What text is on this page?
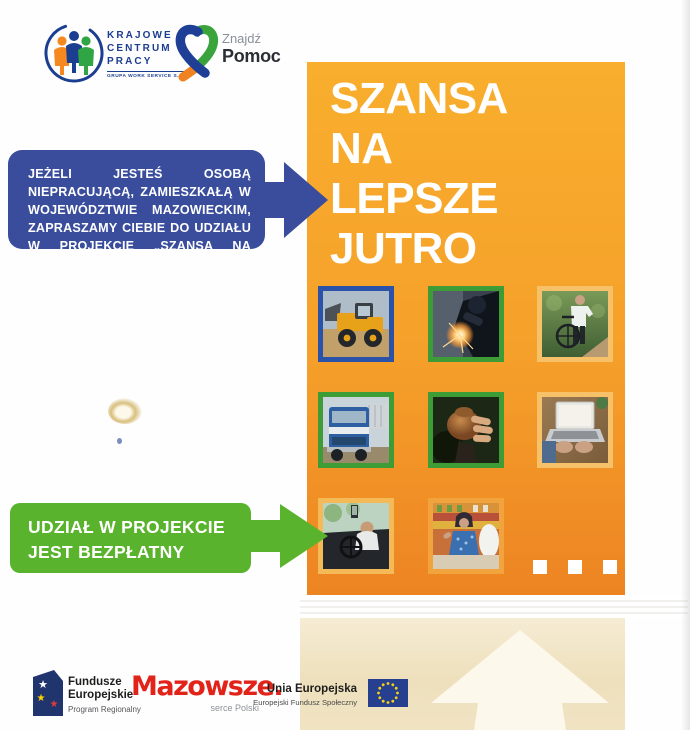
KRAJOWE
CENTRUM
PRACY
GRUPA WORK SERVICE S.A.
Znajdź
Pomoc
SZANSA
NA
LEPSZE
JUTRO

JEŻELI JESTEŚ OSOBĄ NIEPRACUJĄCĄ, ZAMIESZKAŁĄ W WOJEWÓDZTWIE MAZOWIECKIM, ZAPRASZAMY CIEBIE DO UDZIAŁU W PROJEKCIE „SZANSA NA LEPSZE JUTRO!”.

UDZIAŁ W PROJEKCIE

JEST BEZPŁATNY

★
★
★
Fundusze
Europejskie
Program Regionalny
Mazowsze.
serce Polski
Unia Europejska
Europejski Fundusz Społeczny
